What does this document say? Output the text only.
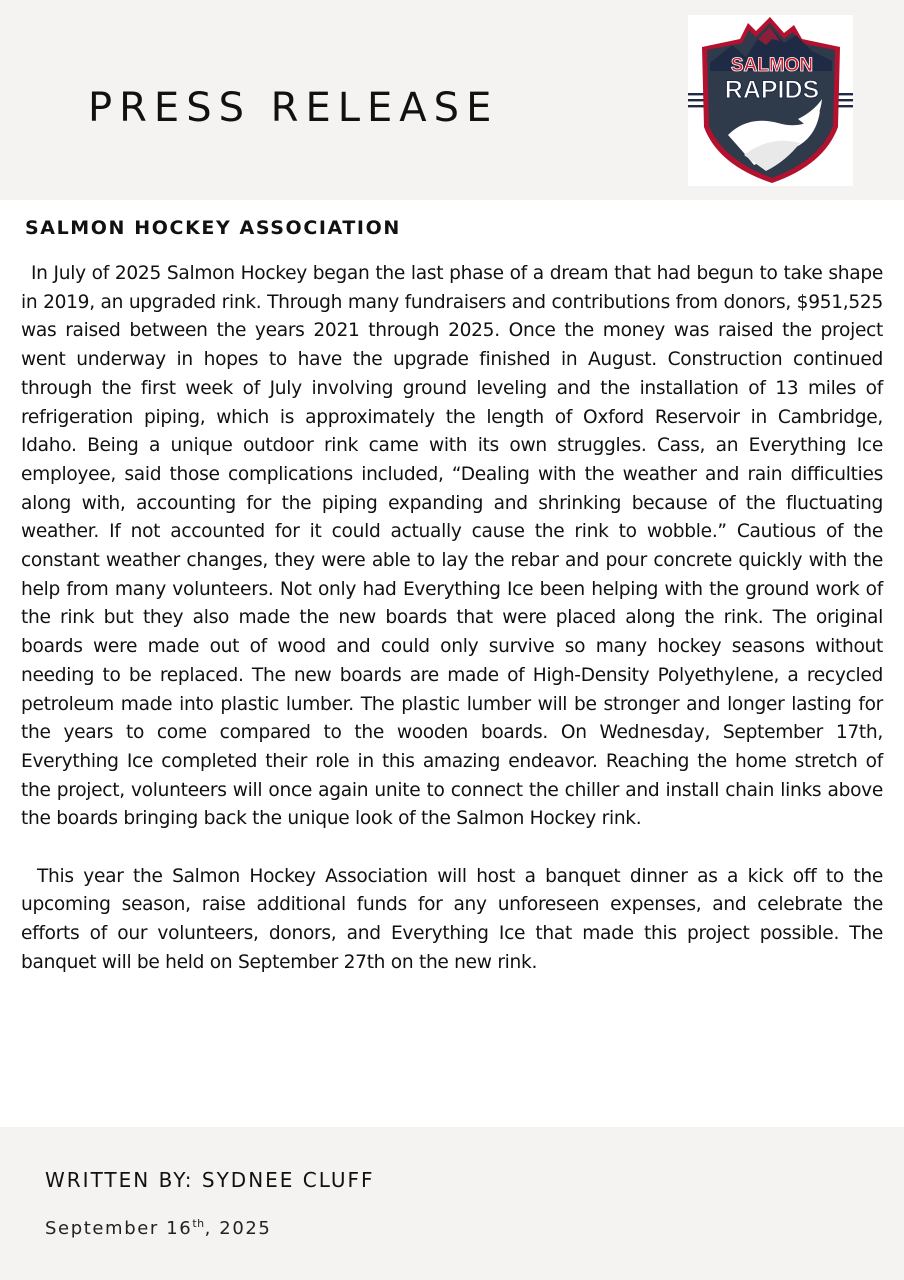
PRESS RELEASE
SALMON
RAPIDS
SALMON HOCKEY ASSOCIATION

In July of 2025 Salmon Hockey began the last phase of a dream that had begun to take shape in 2019, an upgraded rink. Through many fundraisers and contributions from donors, $951,525 was raised between the years 2021 through 2025. Once the money was raised the project went underway in hopes to have the upgrade finished in August. Construction continued through the first week of July involving ground leveling and the installation of 13 miles of refrigeration piping, which is approximately the length of Oxford Reservoir in Cambridge, Idaho. Being a unique outdoor rink came with its own struggles. Cass, an Everything Ice employee, said those complications included, “Dealing with the weather and rain difficulties along with, accounting for the piping expanding and shrinking because of the fluctuating weather. If not accounted for it could actually cause the rink to wobble.” Cautious of the constant weather changes, they were able to lay the rebar and pour concrete quickly with the help from many volunteers. Not only had Everything Ice been helping with the ground work of the rink but they also made the new boards that were placed along the rink. The original boards were made out of wood and could only survive so many hockey seasons without needing to be replaced. The new boards are made of High-Density Polyethylene, a recycled petroleum made into plastic lumber. The plastic lumber will be stronger and longer lasting for the years to come compared to the wooden boards. On Wednesday, September 17th, Everything Ice completed their role in this amazing endeavor. Reaching the home stretch of the project, volunteers will once again unite to connect the chiller and install chain links above the boards bringing back the unique look of the Salmon Hockey rink.

This year the Salmon Hockey Association will host a banquet dinner as a kick off to the upcoming season, raise additional funds for any unforeseen expenses, and celebrate the efforts of our volunteers, donors, and Everything Ice that made this project possible. The banquet will be held on September 27th on the new rink.

WRITTEN BY: SYDNEE CLUFF
September 16th, 2025
